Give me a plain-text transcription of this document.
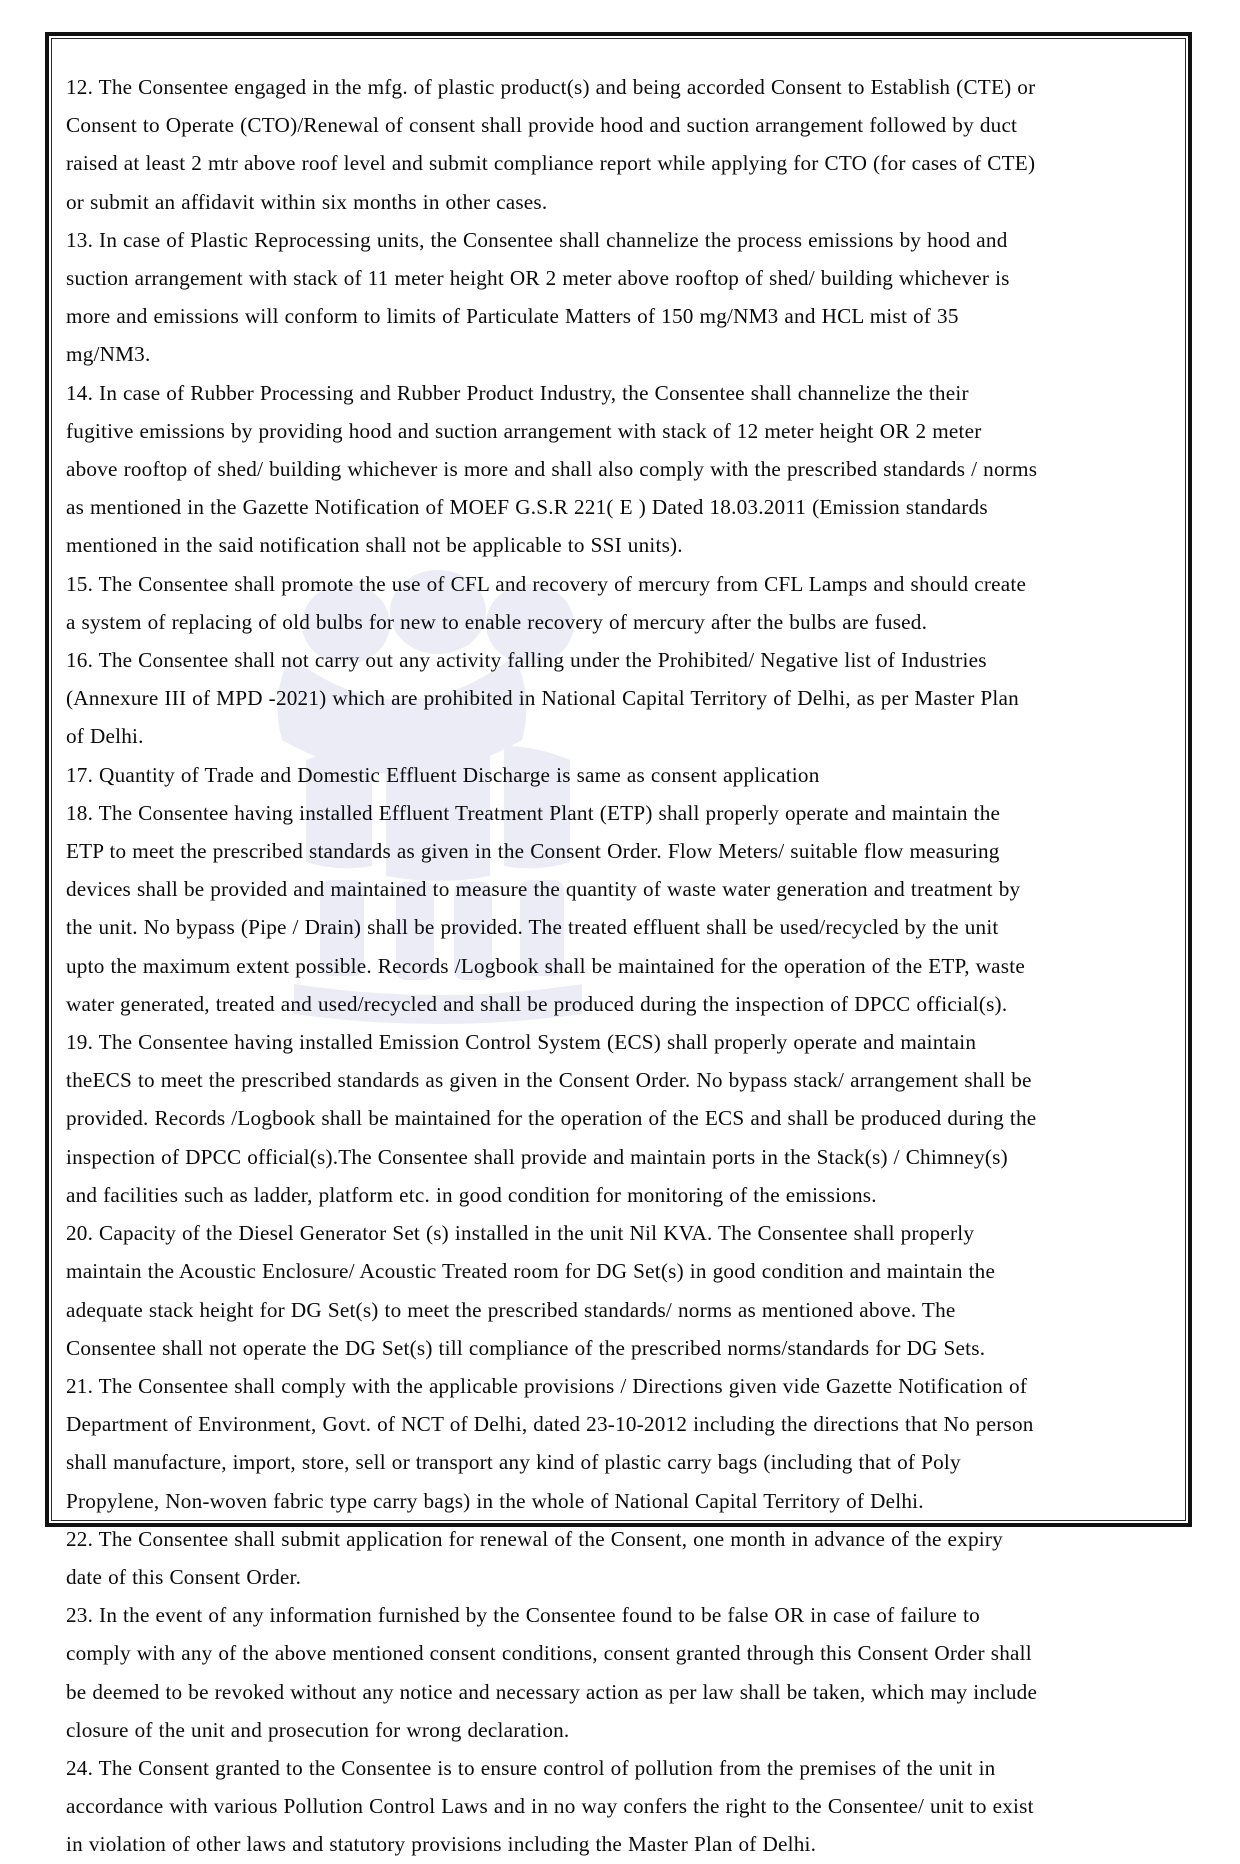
12. The Consentee engaged in the mfg. of plastic product(s) and being accorded Consent to Establish (CTE) or Consent to Operate (CTO)/Renewal of consent shall provide hood and suction arrangement followed by duct raised at least 2 mtr above roof level and submit compliance report while applying for CTO (for cases of CTE) or submit an affidavit within six months in other cases.

13. In case of Plastic Reprocessing units, the Consentee shall channelize the process emissions by hood and suction arrangement with stack of 11 meter height OR 2 meter above rooftop of shed/ building whichever is more and emissions will conform to limits of Particulate Matters of 150 mg/NM3 and HCL mist of 35 mg/NM3.

14. In case of Rubber Processing and Rubber Product Industry, the Consentee shall channelize the their fugitive emissions by providing hood and suction arrangement with stack of 12 meter height OR 2 meter above rooftop of shed/ building whichever is more and shall also comply with the prescribed standards / norms as mentioned in the Gazette Notification of MOEF G.S.R 221( E ) Dated 18.03.2011 (Emission standards mentioned in the said notification shall not be applicable to SSI units).

15. The Consentee shall promote the use of CFL and recovery of mercury from CFL Lamps and should create a system of replacing of old bulbs for new to enable recovery of mercury after the bulbs are fused.

16. The Consentee shall not carry out any activity falling under the Prohibited/ Negative list of Industries (Annexure III of MPD -2021) which are prohibited in National Capital Territory of Delhi, as per Master Plan of Delhi.

17. Quantity of Trade and Domestic Effluent Discharge is same as consent application

18. The Consentee having installed Effluent Treatment Plant (ETP) shall properly operate and maintain the ETP to meet the prescribed standards as given in the Consent Order. Flow Meters/ suitable flow measuring devices shall be provided and maintained to measure the quantity of waste water generation and treatment by the unit. No bypass (Pipe / Drain) shall be provided. The treated effluent shall be used/recycled by the unit upto the maximum extent possible. Records /Logbook shall be maintained for the operation of the ETP, waste water generated, treated and used/recycled and shall be produced during the inspection of DPCC official(s).

19. The Consentee having installed Emission Control System (ECS) shall properly operate and maintain theECS to meet the prescribed standards as given in the Consent Order. No bypass stack/ arrangement shall be provided. Records /Logbook shall be maintained for the operation of the ECS and shall be produced during the inspection of DPCC official(s).The Consentee shall provide and maintain ports in the Stack(s) / Chimney(s) and facilities such as ladder, platform etc. in good condition for monitoring of the emissions.

20. Capacity of the Diesel Generator Set (s) installed in the unit Nil KVA. The Consentee shall properly maintain the Acoustic Enclosure/ Acoustic Treated room for DG Set(s) in good condition and maintain the adequate stack height for DG Set(s) to meet the prescribed standards/ norms as mentioned above. The Consentee shall not operate the DG Set(s) till compliance of the prescribed norms/standards for DG Sets.

21. The Consentee shall comply with the applicable provisions / Directions given vide Gazette Notification of Department of Environment, Govt. of NCT of Delhi, dated 23-10-2012 including the directions that No person shall manufacture, import, store, sell or transport any kind of plastic carry bags (including that of Poly Propylene, Non-woven fabric type carry bags) in the whole of National Capital Territory of Delhi.

22. The Consentee shall submit application for renewal of the Consent, one month in advance of the expiry date of this Consent Order.

23. In the event of any information furnished by the Consentee found to be false OR in case of failure to comply with any of the above mentioned consent conditions, consent granted through this Consent Order shall be deemed to be revoked without any notice and necessary action as per law shall be taken, which may include closure of the unit and prosecution for wrong declaration.

24. The Consent granted to the Consentee is to ensure control of pollution from the premises of the unit in accordance with various Pollution Control Laws and in no way confers the right to the Consentee/ unit to exist in violation of other laws and statutory provisions including the Master Plan of Delhi.
